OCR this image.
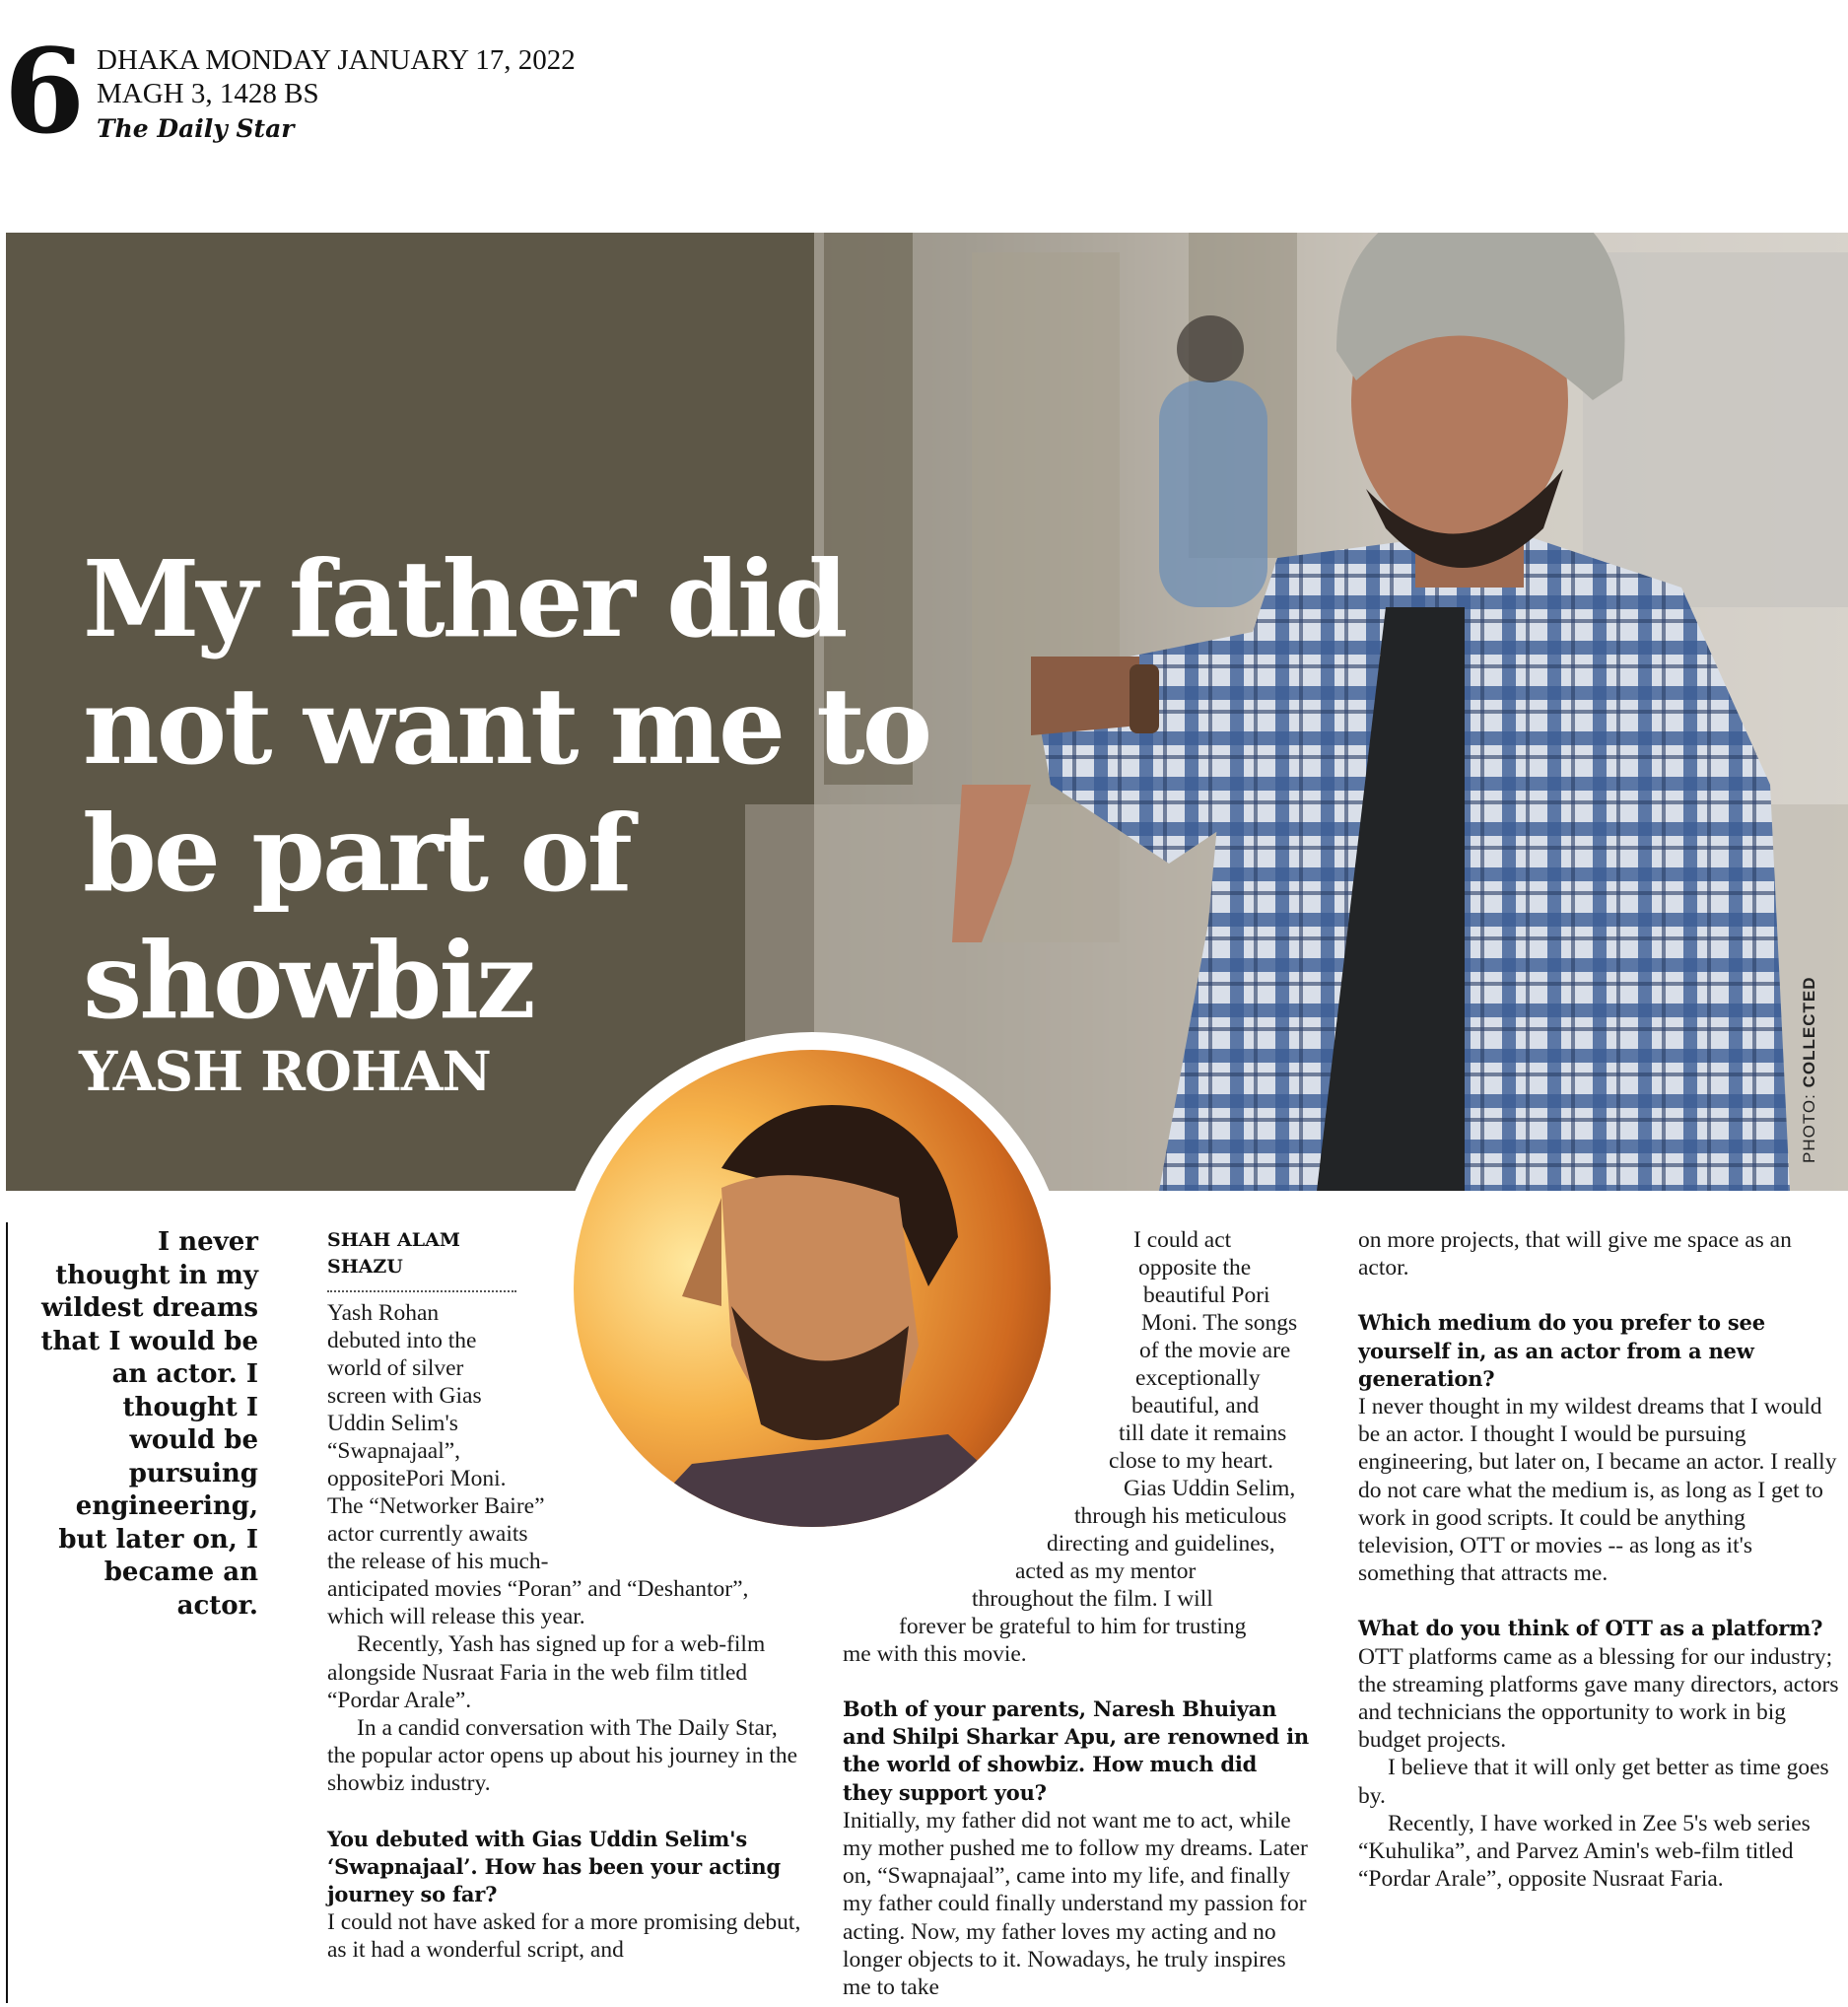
6 DHAKA MONDAY JANUARY 17, 2022
MAGH 3, 1428 BS
The Daily Star
My father did not want me to be part of showbiz
YASH ROHAN
PHOTO: COLLECTED

I never thought in my wildest dreams that I would be an actor. I thought I would be pursuing engineering, but later on, I became an actor.

SHAH ALAM SHAZU
Yash Rohan
debuted into the
world of silver
screen with Gias
Uddin Selim's
“Swapnajaal”,
oppositePori Moni.
The “Networker Baire”
actor currently awaits
the release of his much-

anticipated movies “Poran” and “Deshantor”, which will release this year.

Recently, Yash has signed up for a web-film alongside Nusraat Faria in the web film titled “Pordar Arale”.

In a candid conversation with The Daily Star, the popular actor opens up about his journey in the showbiz industry.

You debuted with Gias Uddin Selim's ‘Swapnajaal’. How has been your acting journey so far?

I could not have asked for a more promising debut, as it had a wonderful script, and

I could act
opposite the
beautiful Pori
Moni. The songs
of the movie are
exceptionally
beautiful, and
till date it remains
close to my heart.
Gias Uddin Selim,
through his meticulous
directing and guidelines,
acted as my mentor
throughout the film. I will
forever be grateful to him for trusting
me with this movie.
Both of your parents, Naresh Bhuiyan and Shilpi Sharkar Apu, are renowned in the world of showbiz. How much did they support you?

Initially, my father did not want me to act, while my mother pushed me to follow my dreams. Later on, “Swapnajaal”, came into my life, and finally my father could finally understand my passion for acting. Now, my father loves my acting and no longer objects to it. Nowadays, he truly inspires me to take

on more projects, that will give me space as an actor.

Which medium do you prefer to see yourself in, as an actor from a new generation?

I never thought in my wildest dreams that I would be an actor. I thought I would be pursuing engineering, but later on, I became an actor. I really do not care what the medium is, as long as I get to work in good scripts. It could be anything television, OTT or movies -- as long as it's something that attracts me.

What do you think of OTT as a platform?

OTT platforms came as a blessing for our industry; the streaming platforms gave many directors, actors and technicians the opportunity to work in big budget projects.

I believe that it will only get better as time goes by.

Recently, I have worked in Zee 5's web series “Kuhulika”, and Parvez Amin's web-film titled “Pordar Arale”, opposite Nusraat Faria.
